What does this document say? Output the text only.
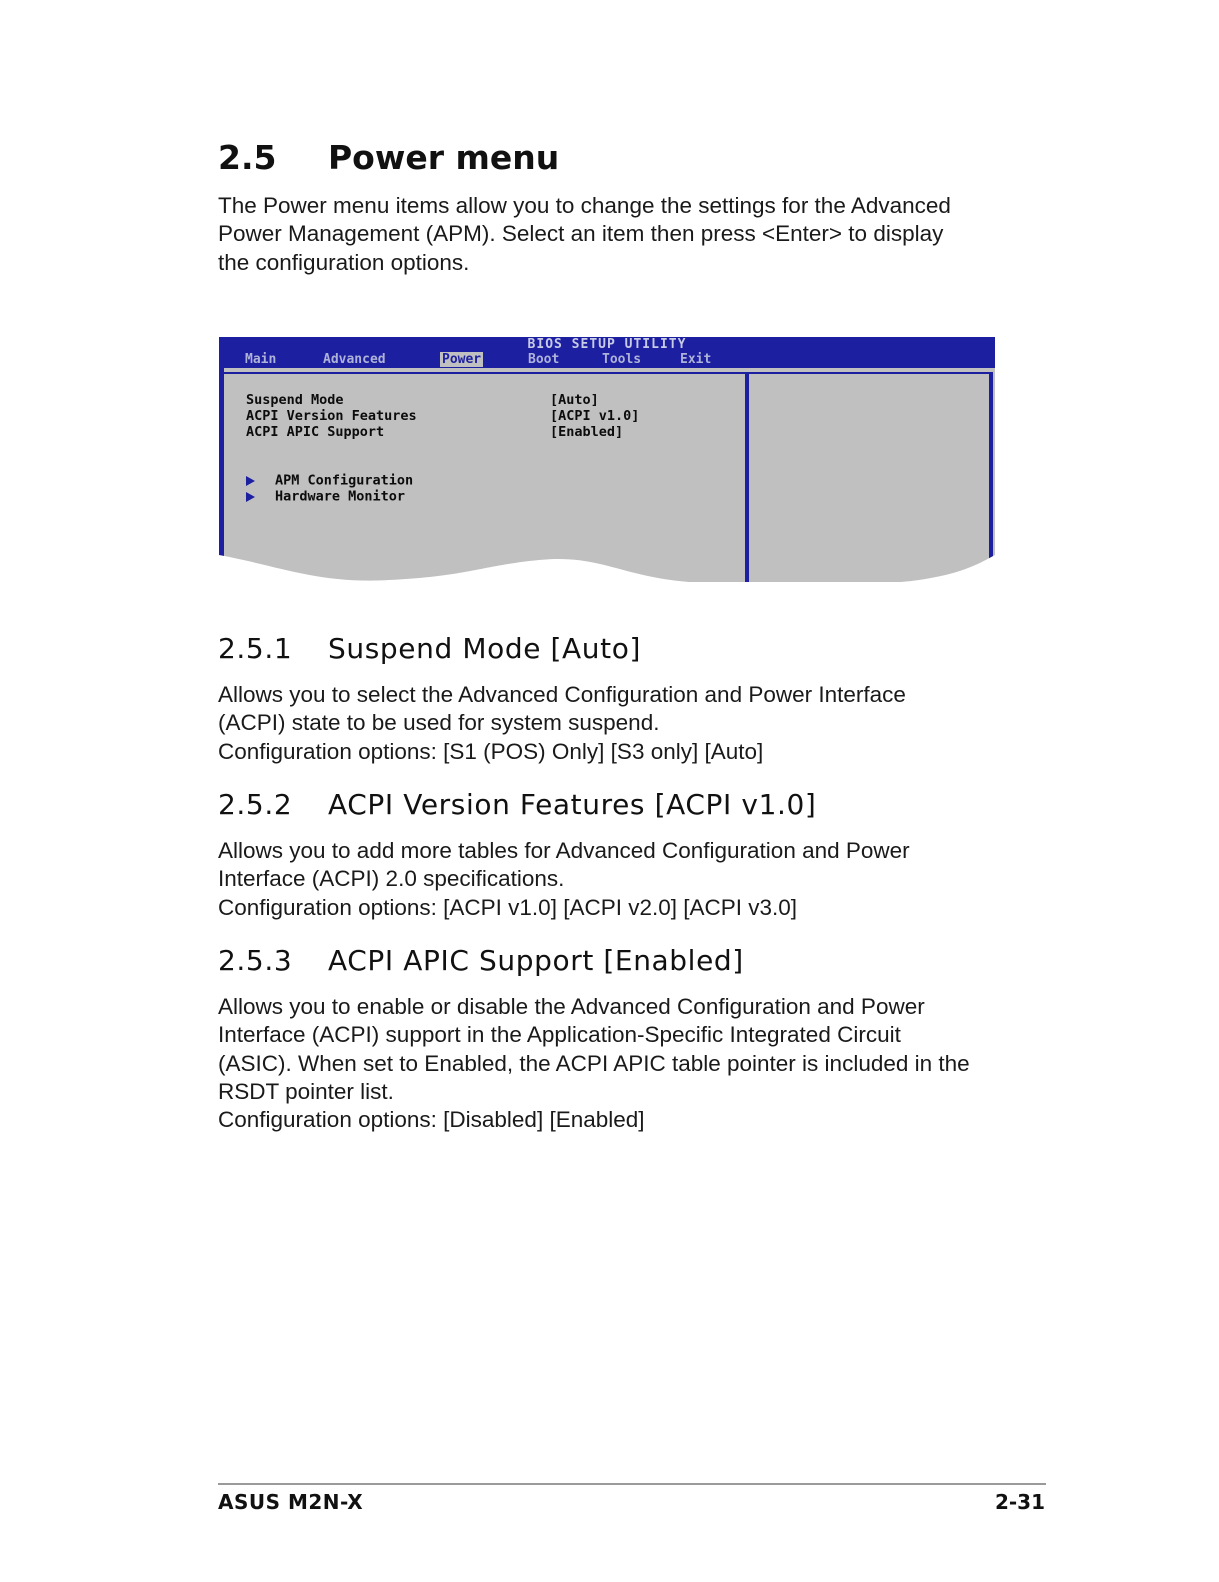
2.5 Power menu
The Power menu items allow you to change the settings for the Advanced
Power Management (APM). Select an item then press <Enter> to display
the configuration options.
BIOS SETUP UTILITY
Main	Advanced	Power	Boot	Tools	Exit
Suspend Mode	[Auto]
ACPI Version Features	[ACPI v1.0]
ACPI APIC Support	[Enabled]
APM Configuration
Hardware Monitor
2.5.1 Suspend Mode [Auto]
Allows you to select the Advanced Configuration and Power Interface
(ACPI) state to be used for system suspend.
Configuration options: [S1 (POS) Only] [S3 only] [Auto]
2.5.2 ACPI Version Features [ACPI v1.0]
Allows you to add more tables for Advanced Configuration and Power
Interface (ACPI) 2.0 specifications.
Configuration options: [ACPI v1.0] [ACPI v2.0] [ACPI v3.0]
2.5.3 ACPI APIC Support [Enabled]
Allows you to enable or disable the Advanced Configuration and Power
Interface (ACPI) support in the Application-Specific Integrated Circuit
(ASIC). When set to Enabled, the ACPI APIC table pointer is included in the
RSDT pointer list.
Configuration options: [Disabled] [Enabled]
ASUS M2N-X	2-31
